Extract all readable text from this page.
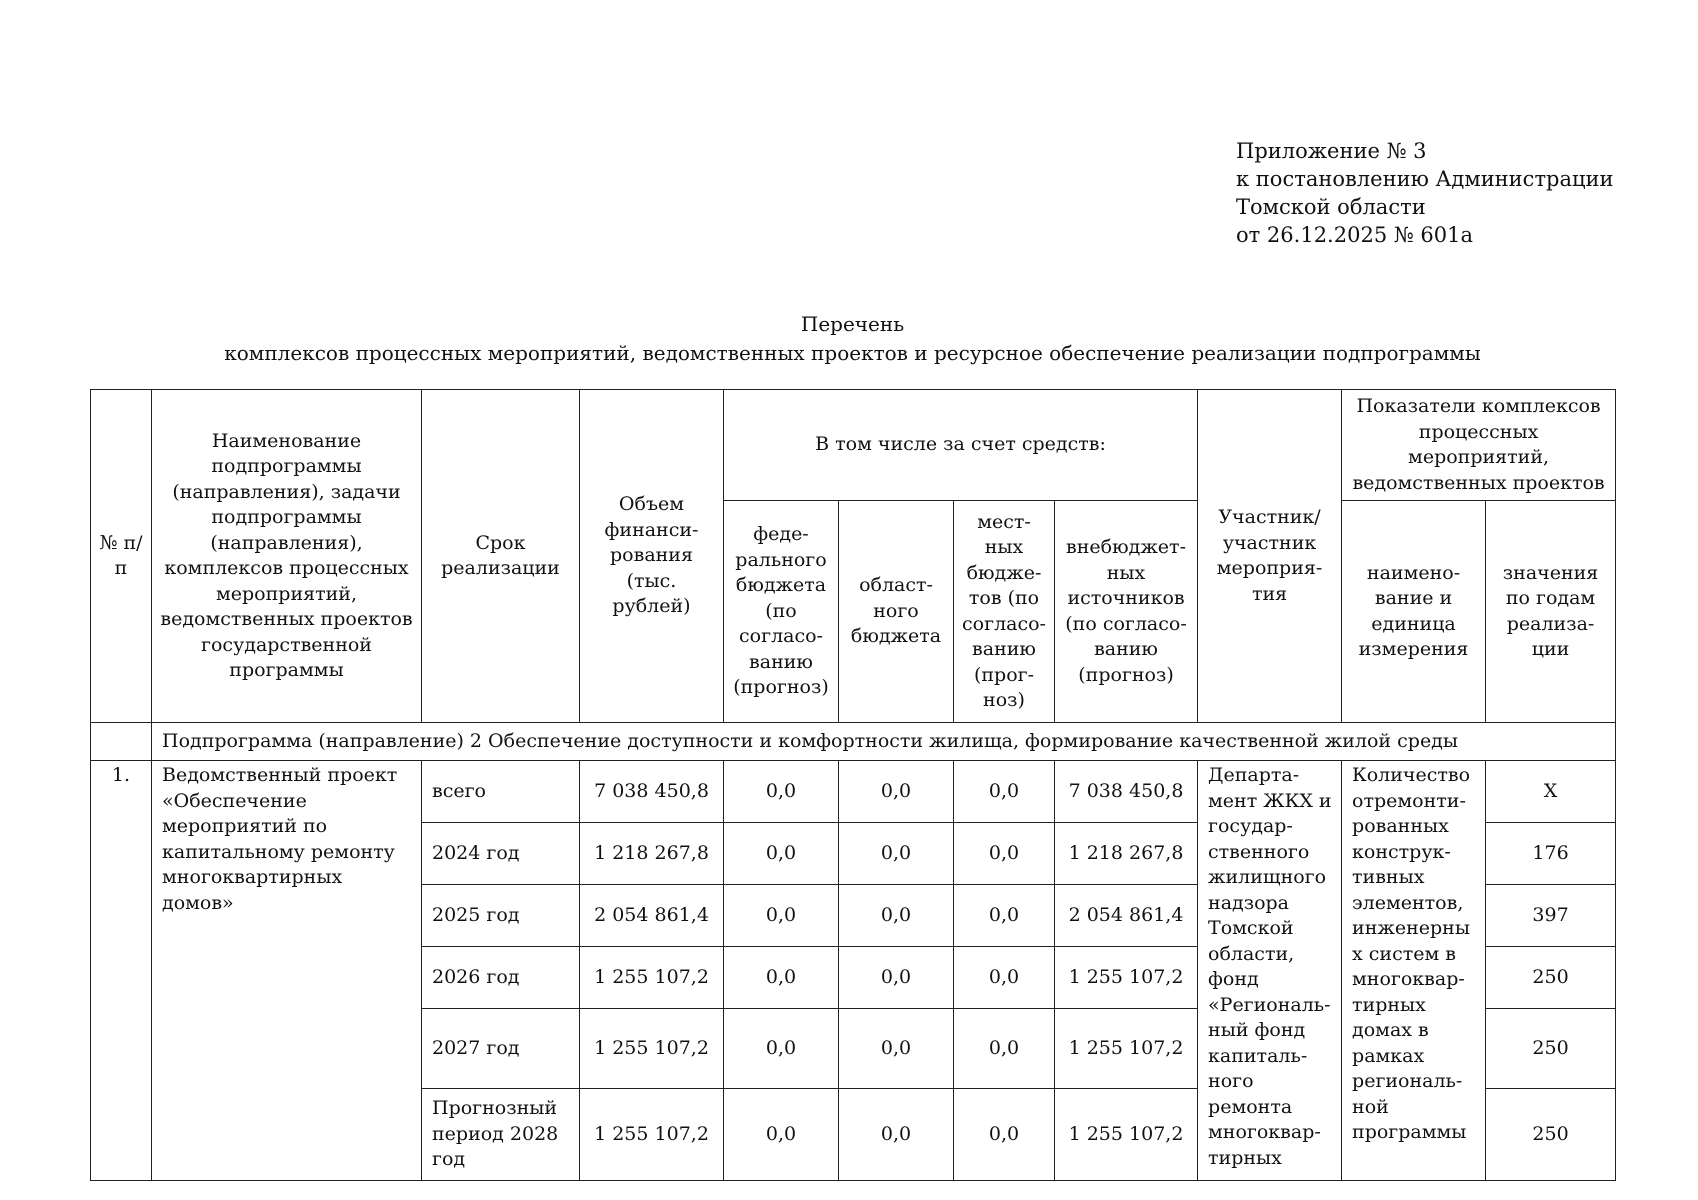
Приложение № 3
к постановлению Администрации
Томской области
от 26.12.2025 № 601а
Перечень
комплексов процессных мероприятий, ведомственных проектов и ресурсное обеспечение реализации подпрограммы
№ п/п	Наименование подпрограммы (направления), задачи подпрограммы (направления), комплексов процессных мероприятий, ведомственных проектов государственной программы	Срок реализации	Объем финанси-рования (тыс. рублей)	В том числе за счет средств:				Участник/ участник мероприя-тия	Показатели комплексов процессных мероприятий, ведомственных проектов	
				феде-рального бюджета (по согласо-ванию (прогноз)	област-ного бюджета	мест-ных бюдже-тов (по согласо-ванию (прог-ноз)	внебюджет-ных источников (по согласо-ванию (прогноз)		наимено-вание и единица измерения	значения по годам реализа-ции
	Подпрограмма (направление) 2 Обеспечение доступности и комфортности жилища, формирование качественной жилой среды									
1.	Ведомственный проект «Обеспечение мероприятий по капитальному ремонту многоквартирных домов»	всего	7 038 450,8	0,0	0,0	0,0	7 038 450,8	Департа-мент ЖКХ и государ-ственного жилищного надзора Томской области, фонд «Региональ-ный фонд капиталь-ного ремонта многоквар-тирных	Количество отремонти-рованных конструк-тивных элементов, инженерных систем в многоквар-тирных домах в рамках региональ-ной программы	Х
		2024 год	1 218 267,8	0,0	0,0	0,0	1 218 267,8			176
		2025 год	2 054 861,4	0,0	0,0	0,0	2 054 861,4			397
		2026 год	1 255 107,2	0,0	0,0	0,0	1 255 107,2			250
		2027 год	1 255 107,2	0,0	0,0	0,0	1 255 107,2			250
		Прогнозный период 2028 год	1 255 107,2	0,0	0,0	0,0	1 255 107,2			250
